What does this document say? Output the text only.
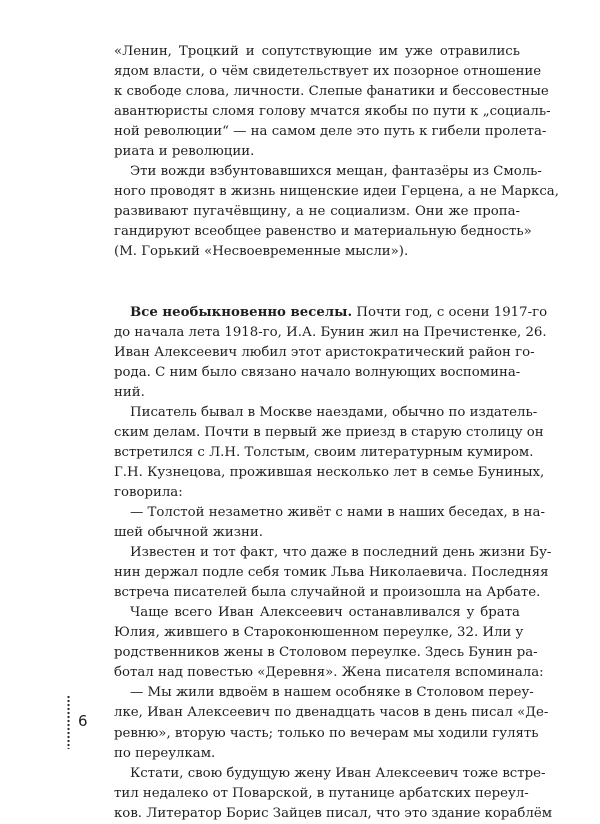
«Ленин, Троцкий и сопутствующие им уже отравились
ядом власти, о чём свидетельствует их позорное отношение
к свободе слова, личности. Слепые фанатики и бессовестные
авантюристы сломя голову мчатся якобы по пути к „социаль-
ной революции“ — на самом деле это путь к гибели пролета-
риата и революции.
Эти вожди взбунтовавшихся мещан, фантазёры из Смоль-
ного проводят в жизнь нищенские идеи Герцена, а не Маркса,
развивают пугачёвщину, а не социализм. Они же пропа-
гандируют всеобщее равенство и материальную бедность»
(М. Горький «Несвоевременные мысли»).
Все необыкновенно веселы. Почти год, с осени 1917-го
до начала лета 1918-го, И.А. Бунин жил на Пречистенке, 26.
Иван Алексеевич любил этот аристократический район го-
рода. С ним было связано начало волнующих воспомина-
ний.
Писатель бывал в Москве наездами, обычно по издатель-
ским делам. Почти в первый же приезд в старую столицу он
встретился с Л.Н. Толстым, своим литературным кумиром.
Г.Н. Кузнецова, прожившая несколько лет в семье Буниных,
говорила:
— Толстой незаметно живёт с нами в наших беседах, в на-
шей обычной жизни.
Известен и тот факт, что даже в последний день жизни Бу-
нин держал подле себя томик Льва Николаевича. Последняя
встреча писателей была случайной и произошла на Арбате.
Чаще всего Иван Алексеевич останавливался у брата
Юлия, жившего в Староконюшенном переулке, 32. Или у
родственников жены в Столовом переулке. Здесь Бунин ра-
ботал над повестью «Деревня». Жена писателя вспоминала:
— Мы жили вдвоём в нашем особняке в Столовом переу-
лке, Иван Алексеевич по двенадцать часов в день писал «Де-
ревню», вторую часть; только по вечерам мы ходили гулять
по переулкам.
Кстати, свою будущую жену Иван Алексеевич тоже встре-
тил недалеко от Поварской, в путанице арбатских переул-
ков. Литератор Борис Зайцев писал, что это здание кораблём
6
